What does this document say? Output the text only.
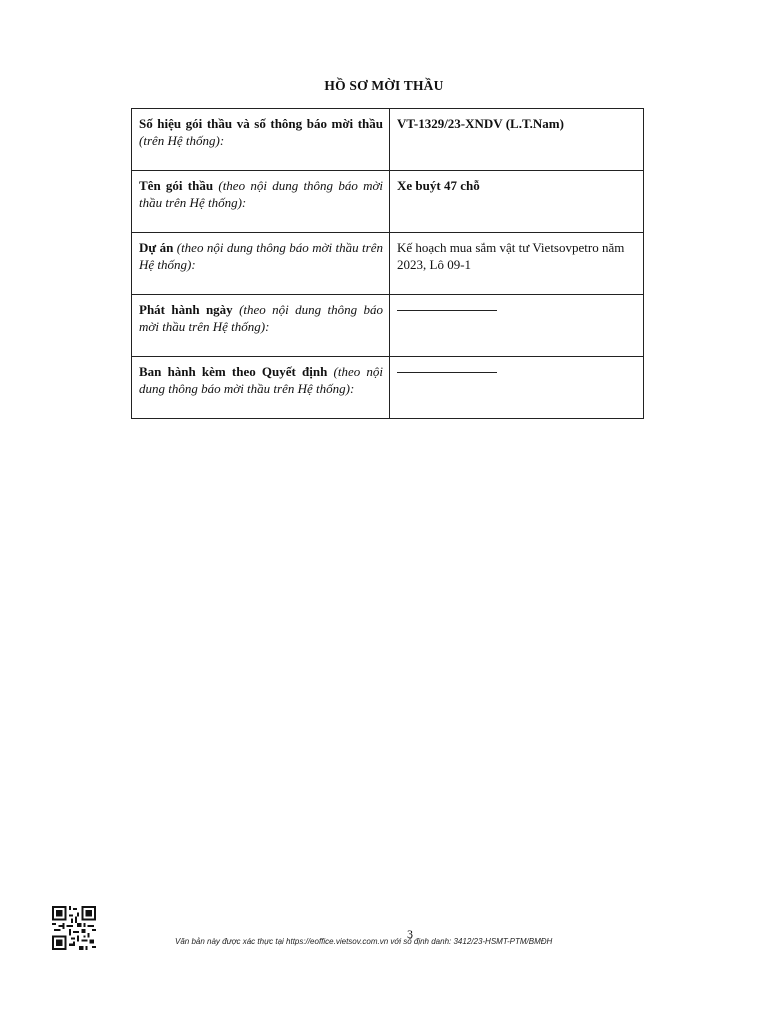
HỒ SƠ MỜI THẦU
Số hiệu gói thầu và số thông báo mời thầu (trên Hệ thống):	VT-1329/23-XNDV (L.T.Nam)
Tên gói thầu (theo nội dung thông báo mời thầu trên Hệ thống):	Xe buýt 47 chỗ
Dự án (theo nội dung thông báo mời thầu trên Hệ thống):	Kế hoạch mua sắm vật tư Vietsovpetro năm 2023, Lô 09-1
Phát hành ngày (theo nội dung thông báo mời thầu trên Hệ thống):	

Ban hành kèm theo Quyết định (theo nội dung thông báo mời thầu trên Hệ thống):	
3
Văn bản này được xác thực tại https://eoffice.vietsov.com.vn với số định danh: 3412/23-HSMT-PTM/BMĐH
